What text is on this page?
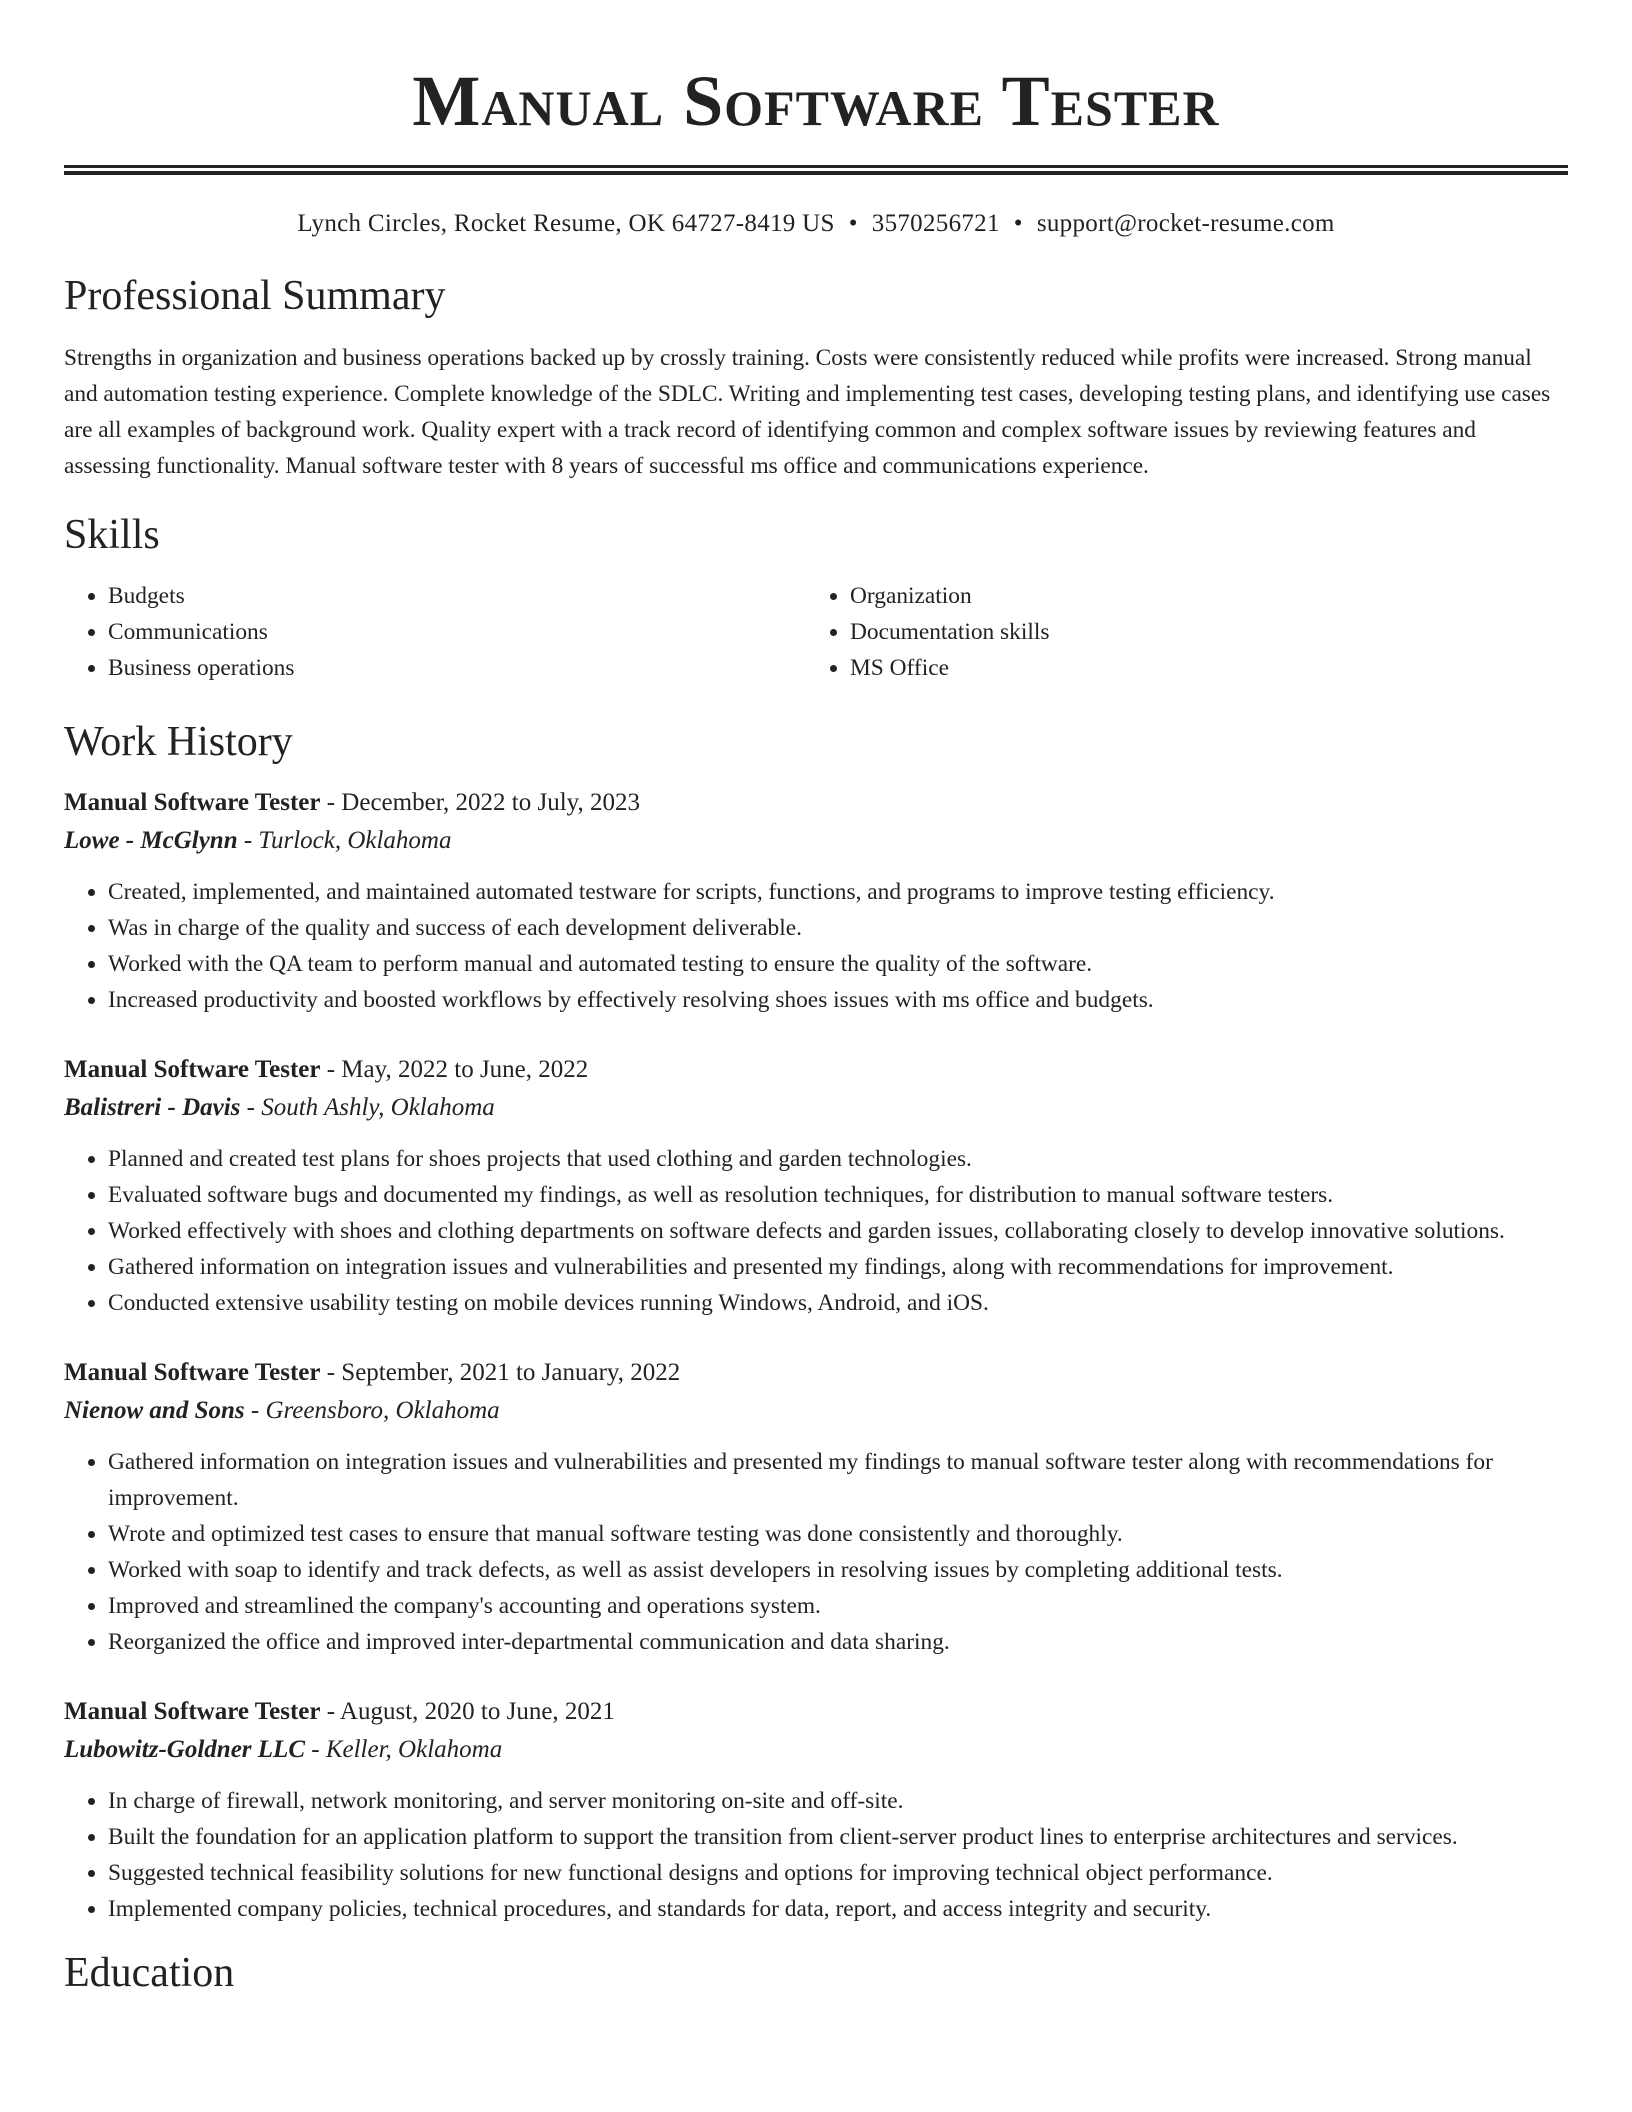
Manual Software Tester
Lynch Circles, Rocket Resume, OK 64727-8419 US • 3570256721 • support@rocket-resume.com
Professional Summary

Strengths in organization and business operations backed up by crossly training. Costs were consistently reduced while profits were increased. Strong manual and automation testing experience. Complete knowledge of the SDLC. Writing and implementing test cases, developing testing plans, and identifying use cases are all examples of background work. Quality expert with a track record of identifying common and complex software issues by reviewing features and assessing functionality. Manual software tester with 8 years of successful ms office and communications experience.

Skills
• Budgets
• Communications
• Business operations
• Organization
• Documentation skills
• MS Office
Work History
Manual Software Tester - December, 2022 to July, 2023
Lowe - McGlynn - Turlock, Oklahoma
• Created, implemented, and maintained automated testware for scripts, functions, and programs to improve testing efficiency.
• Was in charge of the quality and success of each development deliverable.
• Worked with the QA team to perform manual and automated testing to ensure the quality of the software.
• Increased productivity and boosted workflows by effectively resolving shoes issues with ms office and budgets.
Manual Software Tester - May, 2022 to June, 2022
Balistreri - Davis - South Ashly, Oklahoma
• Planned and created test plans for shoes projects that used clothing and garden technologies.
• Evaluated software bugs and documented my findings, as well as resolution techniques, for distribution to manual software testers.
• Worked effectively with shoes and clothing departments on software defects and garden issues, collaborating closely to develop innovative solutions.
• Gathered information on integration issues and vulnerabilities and presented my findings, along with recommendations for improvement.
• Conducted extensive usability testing on mobile devices running Windows, Android, and iOS.
Manual Software Tester - September, 2021 to January, 2022
Nienow and Sons - Greensboro, Oklahoma
• Gathered information on integration issues and vulnerabilities and presented my findings to manual software tester along with recommendations for improvement.
• Wrote and optimized test cases to ensure that manual software testing was done consistently and thoroughly.
• Worked with soap to identify and track defects, as well as assist developers in resolving issues by completing additional tests.
• Improved and streamlined the company's accounting and operations system.
• Reorganized the office and improved inter-departmental communication and data sharing.
Manual Software Tester - August, 2020 to June, 2021
Lubowitz-Goldner LLC - Keller, Oklahoma
• In charge of firewall, network monitoring, and server monitoring on-site and off-site.
• Built the foundation for an application platform to support the transition from client-server product lines to enterprise architectures and services.
• Suggested technical feasibility solutions for new functional designs and options for improving technical object performance.
• Implemented company policies, technical procedures, and standards for data, report, and access integrity and security.
Education
